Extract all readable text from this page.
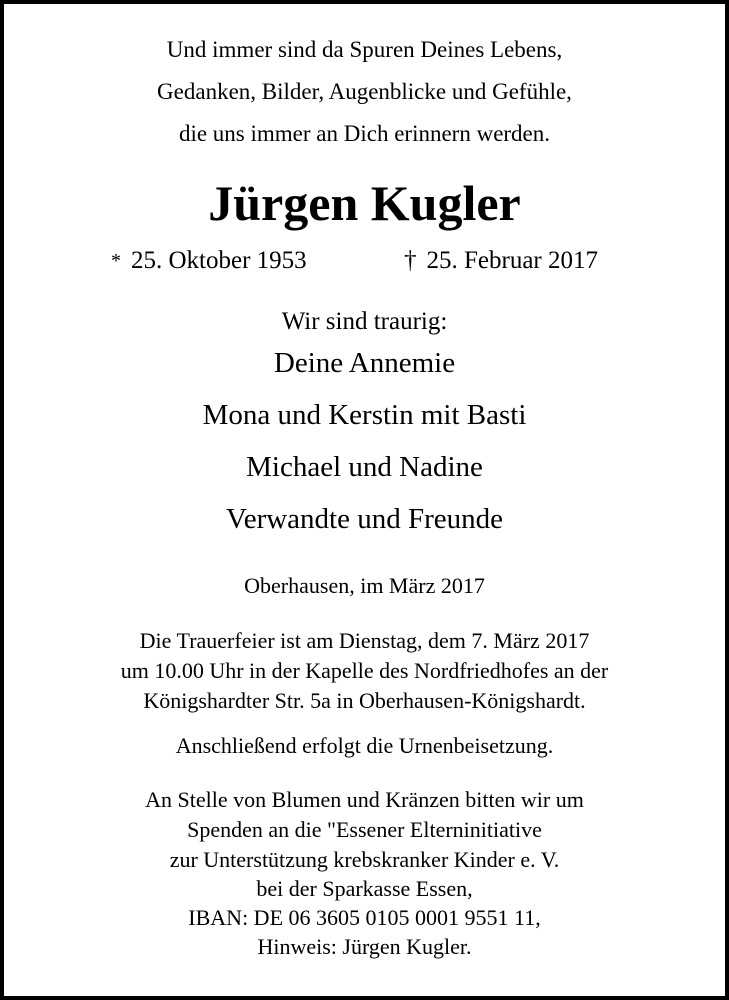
Und immer sind da Spuren Deines Lebens,
Gedanken, Bilder, Augenblicke und Gefühle,
die uns immer an Dich erinnern werden.
Jürgen Kugler
* 25. Oktober 1953	† 25. Februar 2017
Wir sind traurig:
Deine Annemie
Mona und Kerstin mit Basti
Michael und Nadine
Verwandte und Freunde
Oberhausen, im März 2017
Die Trauerfeier ist am Dienstag, dem 7. März 2017
um 10.00 Uhr in der Kapelle des Nordfriedhofes an der
Königshardter Str. 5a in Oberhausen-Königshardt.
Anschließend erfolgt die Urnenbeisetzung.
An Stelle von Blumen und Kränzen bitten wir um
Spenden an die "Essener Elterninitiative
zur Unterstützung krebskranker Kinder e. V.
bei der Sparkasse Essen,
IBAN: DE 06 3605 0105 0001 9551 11,
Hinweis: Jürgen Kugler.
